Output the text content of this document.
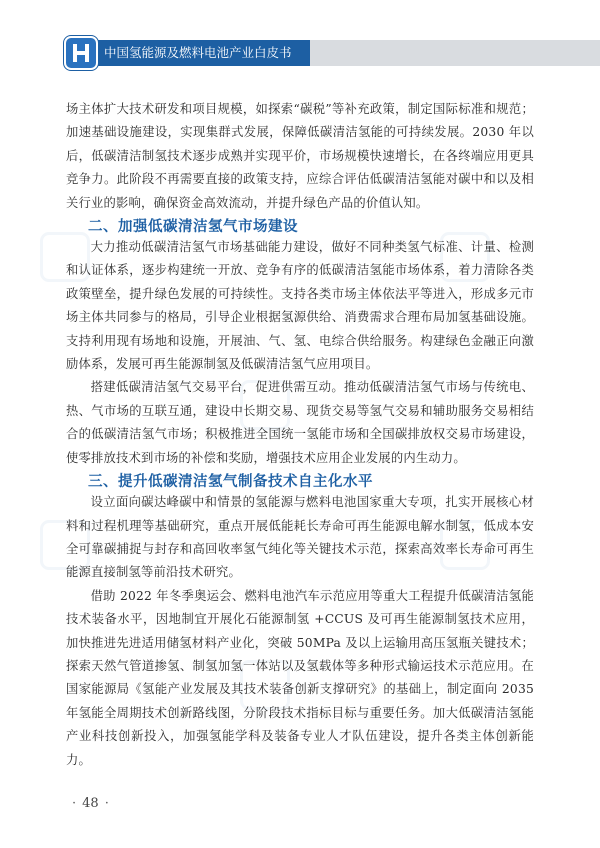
中国氢能源及燃料电池产业白皮书

场主体扩大技术研发和项目规模，如探索“碳税”等补充政策，制定国际标准和规范；加速基础设施建设，实现集群式发展，保障低碳清洁氢能的可持续发展。2030 年以后，低碳清洁制氢技术逐步成熟并实现平价，市场规模快速增长，在各终端应用更具竞争力。此阶段不再需要直接的政策支持，应综合评估低碳清洁氢能对碳中和以及相关行业的影响，确保资金高效流动，并提升绿色产品的价值认知。

二、加强低碳清洁氢气市场建设

大力推动低碳清洁氢气市场基础能力建设，做好不同种类氢气标准、计量、检测和认证体系，逐步构建统一开放、竞争有序的低碳清洁氢能市场体系，着力清除各类政策壁垒，提升绿色发展的可持续性。支持各类市场主体依法平等进入，形成多元市场主体共同参与的格局，引导企业根据氢源供给、消费需求合理布局加氢基础设施。支持利用现有场地和设施，开展油、气、氢、电综合供给服务。构建绿色金融正向激励体系，发展可再生能源制氢及低碳清洁氢气应用项目。

搭建低碳清洁氢气交易平台，促进供需互动。推动低碳清洁氢气市场与传统电、热、气市场的互联互通，建设中长期交易、现货交易等氢气交易和辅助服务交易相结合的低碳清洁氢气市场；积极推进全国统一氢能市场和全国碳排放权交易市场建设，使零排放技术到市场的补偿和奖励，增强技术应用企业发展的内生动力。

三、提升低碳清洁氢气制备技术自主化水平

设立面向碳达峰碳中和情景的氢能源与燃料电池国家重大专项，扎实开展核心材料和过程机理等基础研究，重点开展低能耗长寿命可再生能源电解水制氢，低成本安全可靠碳捕捉与封存和高回收率氢气纯化等关键技术示范，探索高效率长寿命可再生能源直接制氢等前沿技术研究。

借助 2022 年冬季奥运会、燃料电池汽车示范应用等重大工程提升低碳清洁氢能技术装备水平，因地制宜开展化石能源制氢 +CCUS 及可再生能源制氢技术应用，加快推进先进适用储氢材料产业化，突破 50MPa 及以上运输用高压氢瓶关键技术；探索天然气管道掺氢、制氢加氢一体站以及氢载体等多种形式输运技术示范应用。在国家能源局《氢能产业发展及其技术装备创新支撑研究》的基础上，制定面向 2035 年氢能全周期技术创新路线图，分阶段技术指标目标与重要任务。加大低碳清洁氢能产业科技创新投入，加强氢能学科及装备专业人才队伍建设，提升各类主体创新能力。

· 48 ·
